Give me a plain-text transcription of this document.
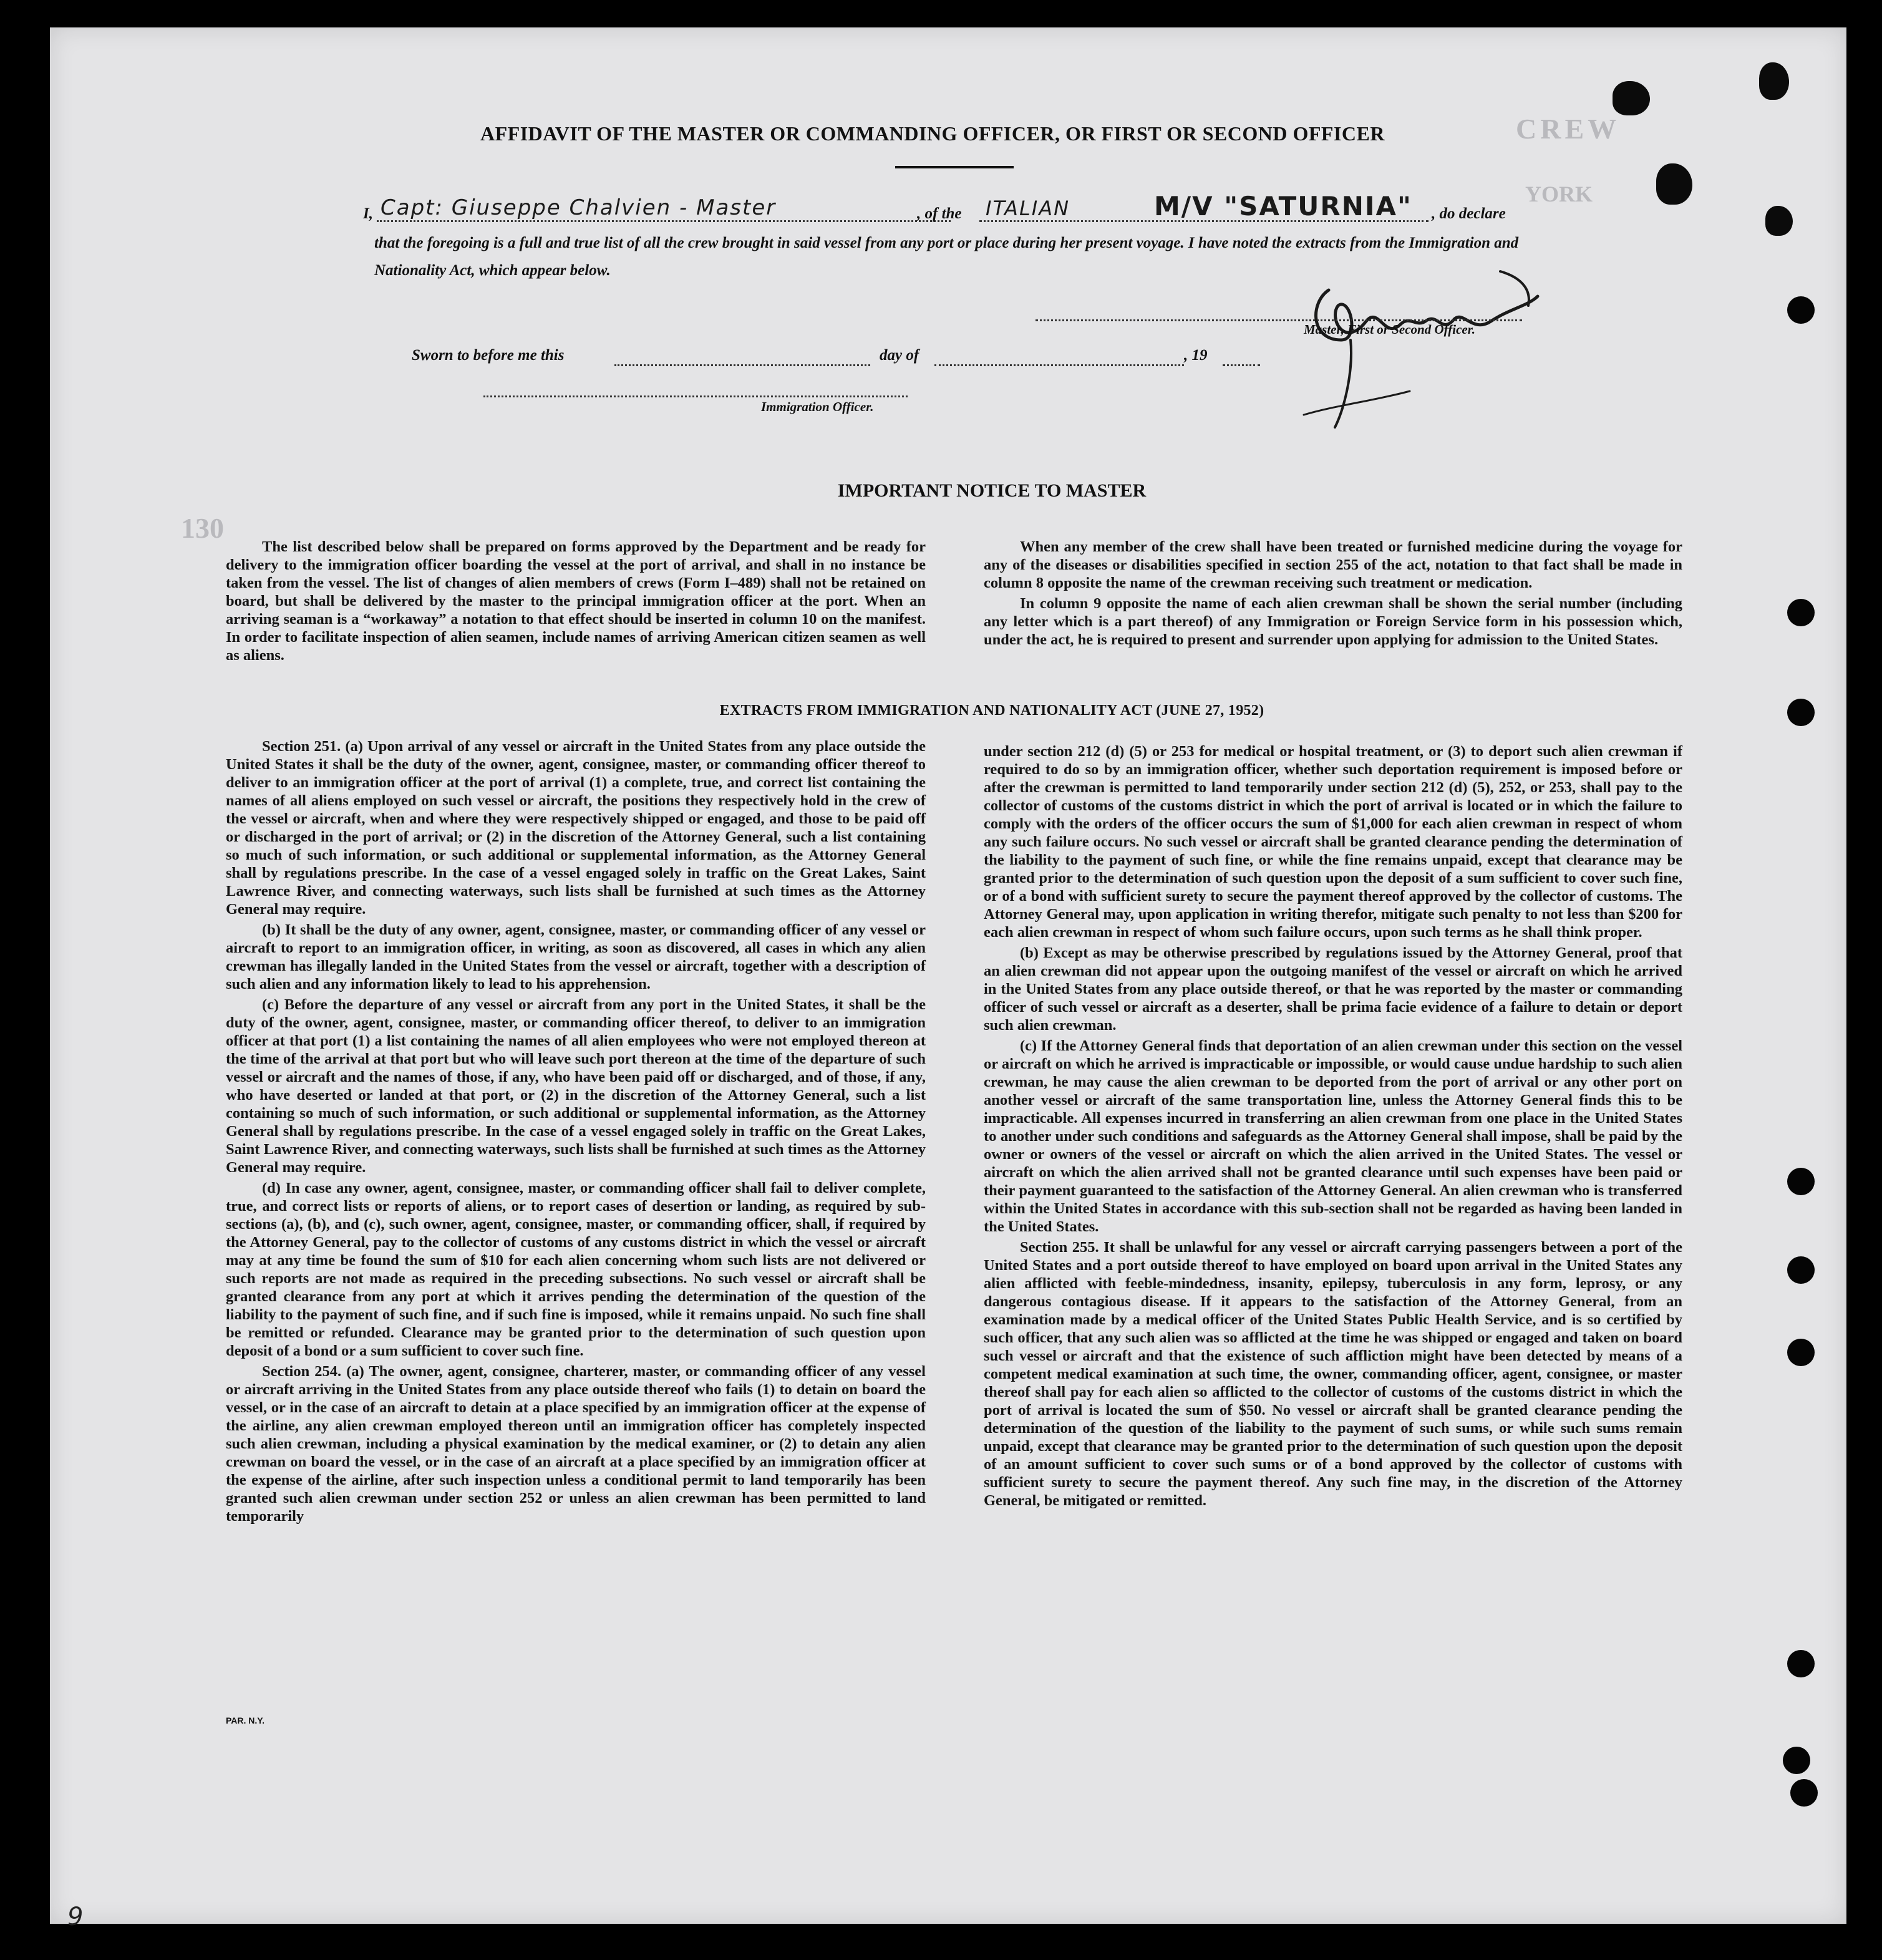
CREW
YORK
130
AFFIDAVIT OF THE MASTER OR COMMANDING OFFICER, OR FIRST OR SECOND OFFICER
I, Capt: Giuseppe Chalvien - Master	, of the ITALIAN	M/V "SATURNIA" , do declare
that the foregoing is a full and true list of all the crew brought in said vessel from any port or place during her present voyage. I have noted the extracts from the Immigration and Nationality Act, which appear below.
Master, First or Second Officer.
Sworn to before me this	day of	, 19
Immigration Officer.
IMPORTANT NOTICE TO MASTER

The list described below shall be prepared on forms approved by the Department and be ready for delivery to the immigration officer boarding the vessel at the port of arrival, and shall in no instance be taken from the vessel. The list of changes of alien members of crews (Form I–489) shall not be retained on board, but shall be delivered by the master to the principal immigration officer at the port. When an arriving seaman is a “workaway” a notation to that effect should be inserted in column 10 on the manifest. In order to facilitate inspection of alien seamen, include names of arriving American citizen seamen as well as aliens.

When any member of the crew shall have been treated or furnished medicine during the voyage for any of the diseases or disabilities specified in section 255 of the act, notation to that fact shall be made in column 8 opposite the name of the crewman receiving such treatment or medication.

In column 9 opposite the name of each alien crewman shall be shown the serial number (including any letter which is a part thereof) of any Immigration or Foreign Service form in his possession which, under the act, he is required to present and surrender upon applying for admission to the United States.

EXTRACTS FROM IMMIGRATION AND NATIONALITY ACT (JUNE 27, 1952)

Section 251. (a) Upon arrival of any vessel or aircraft in the United States from any place outside the United States it shall be the duty of the owner, agent, consignee, master, or commanding officer thereof to deliver to an immigration officer at the port of arrival (1) a complete, true, and correct list containing the names of all aliens employed on such vessel or aircraft, the positions they respectively hold in the crew of the vessel or aircraft, when and where they were respectively shipped or engaged, and those to be paid off or discharged in the port of arrival; or (2) in the discretion of the Attorney General, such a list containing so much of such information, or such additional or supplemental information, as the Attorney General shall by regulations prescribe. In the case of a vessel engaged solely in traffic on the Great Lakes, Saint Lawrence River, and connecting waterways, such lists shall be furnished at such times as the Attorney General may require.

(b) It shall be the duty of any owner, agent, consignee, master, or commanding officer of any vessel or aircraft to report to an immigration officer, in writing, as soon as discovered, all cases in which any alien crewman has illegally landed in the United States from the vessel or aircraft, together with a description of such alien and any information likely to lead to his apprehension.

(c) Before the departure of any vessel or aircraft from any port in the United States, it shall be the duty of the owner, agent, consignee, master, or commanding officer thereof, to deliver to an immigration officer at that port (1) a list containing the names of all alien employees who were not employed thereon at the time of the arrival at that port but who will leave such port thereon at the time of the departure of such vessel or aircraft and the names of those, if any, who have been paid off or discharged, and of those, if any, who have deserted or landed at that port, or (2) in the discretion of the Attorney General, such a list containing so much of such information, or such additional or supplemental information, as the Attorney General shall by regulations prescribe. In the case of a vessel engaged solely in traffic on the Great Lakes, Saint Lawrence River, and connecting waterways, such lists shall be furnished at such times as the Attorney General may require.

(d) In case any owner, agent, consignee, master, or commanding officer shall fail to deliver complete, true, and correct lists or reports of aliens, or to report cases of desertion or landing, as required by sub-sections (a), (b), and (c), such owner, agent, consignee, master, or commanding officer, shall, if required by the Attorney General, pay to the collector of customs of any customs district in which the vessel or aircraft may at any time be found the sum of $10 for each alien concerning whom such lists are not delivered or such reports are not made as required in the preceding subsections. No such vessel or aircraft shall be granted clearance from any port at which it arrives pending the determination of the question of the liability to the payment of such fine, and if such fine is imposed, while it remains unpaid. No such fine shall be remitted or refunded. Clearance may be granted prior to the determination of such question upon deposit of a bond or a sum sufficient to cover such fine.

Section 254. (a) The owner, agent, consignee, charterer, master, or commanding officer of any vessel or aircraft arriving in the United States from any place outside thereof who fails (1) to detain on board the vessel, or in the case of an aircraft to detain at a place specified by an immigration officer at the expense of the airline, any alien crewman employed thereon until an immigration officer has completely inspected such alien crewman, including a physical examination by the medical examiner, or (2) to detain any alien crewman on board the vessel, or in the case of an aircraft at a place specified by an immigration officer at the expense of the airline, after such inspection unless a conditional permit to land temporarily has been granted such alien crewman under section 252 or unless an alien crewman has been permitted to land temporarily

under section 212 (d) (5) or 253 for medical or hospital treatment, or (3) to deport such alien crewman if required to do so by an immigration officer, whether such deportation requirement is imposed before or after the crewman is permitted to land temporarily under section 212 (d) (5), 252, or 253, shall pay to the collector of customs of the customs district in which the port of arrival is located or in which the failure to comply with the orders of the officer occurs the sum of $1,000 for each alien crewman in respect of whom any such failure occurs. No such vessel or aircraft shall be granted clearance pending the determination of the liability to the payment of such fine, or while the fine remains unpaid, except that clearance may be granted prior to the determination of such question upon the deposit of a sum sufficient to cover such fine, or of a bond with sufficient surety to secure the payment thereof approved by the collector of customs. The Attorney General may, upon application in writing therefor, mitigate such penalty to not less than $200 for each alien crewman in respect of whom such failure occurs, upon such terms as he shall think proper.

(b) Except as may be otherwise prescribed by regulations issued by the Attorney General, proof that an alien crewman did not appear upon the outgoing manifest of the vessel or aircraft on which he arrived in the United States from any place outside thereof, or that he was reported by the master or commanding officer of such vessel or aircraft as a deserter, shall be prima facie evidence of a failure to detain or deport such alien crewman.

(c) If the Attorney General finds that deportation of an alien crewman under this section on the vessel or aircraft on which he arrived is impracticable or impossible, or would cause undue hardship to such alien crewman, he may cause the alien crewman to be deported from the port of arrival or any other port on another vessel or aircraft of the same transportation line, unless the Attorney General finds this to be impracticable. All expenses incurred in transferring an alien crewman from one place in the United States to another under such conditions and safeguards as the Attorney General shall impose, shall be paid by the owner or owners of the vessel or aircraft on which the alien arrived in the United States. The vessel or aircraft on which the alien arrived shall not be granted clearance until such expenses have been paid or their payment guaranteed to the satisfaction of the Attorney General. An alien crewman who is transferred within the United States in accordance with this sub-section shall not be regarded as having been landed in the United States.

Section 255. It shall be unlawful for any vessel or aircraft carrying passengers between a port of the United States and a port outside thereof to have employed on board upon arrival in the United States any alien afflicted with feeble-mindedness, insanity, epilepsy, tuberculosis in any form, leprosy, or any dangerous contagious disease. If it appears to the satisfaction of the Attorney General, from an examination made by a medical officer of the United States Public Health Service, and is so certified by such officer, that any such alien was so afflicted at the time he was shipped or engaged and taken on board such vessel or aircraft and that the existence of such affliction might have been detected by means of a competent medical examination at such time, the owner, commanding officer, agent, consignee, or master thereof shall pay for each alien so afflicted to the collector of customs of the customs district in which the port of arrival is located the sum of $50. No vessel or aircraft shall be granted clearance pending the determination of the question of the liability to the payment of such sums, or while such sums remain unpaid, except that clearance may be granted prior to the determination of such question upon the deposit of an amount sufficient to cover such sums or of a bond approved by the collector of customs with sufficient surety to secure the payment thereof. Any such fine may, in the discretion of the Attorney General, be mitigated or remitted.

PAR. N.Y.
9
